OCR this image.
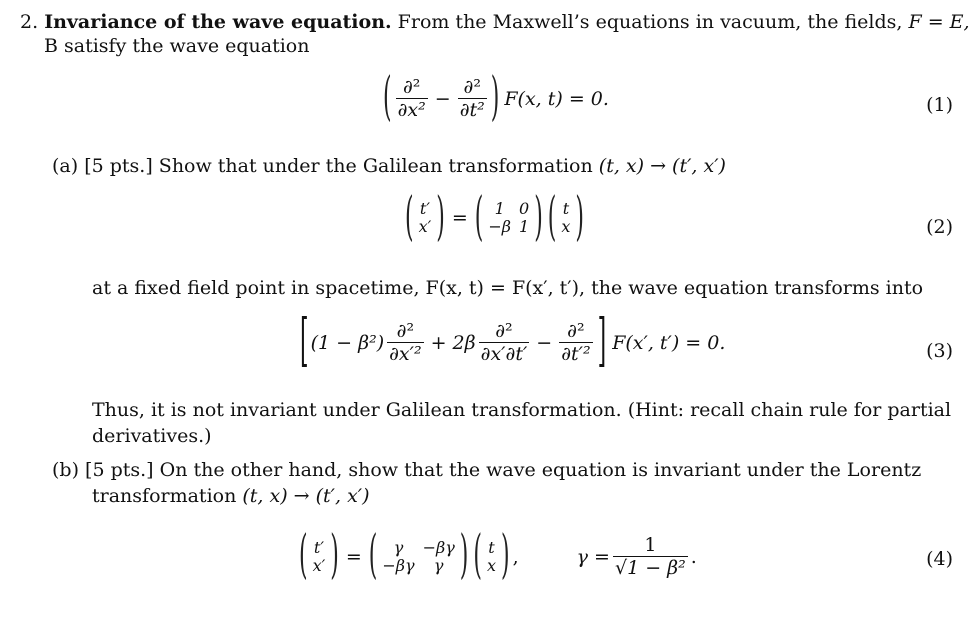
2. Invariance of the wave equation. From the Maxwell’s equations in vacuum, the fields, F = E,
B satisfy the wave equation
( $\frac{\text{∂²}}{\text{∂x²}} - \frac{\text{∂²}}{\text{∂t²}}$ ) F(x, t) = 0.	(1)
(a) [5 pts.] Show that under the Galilean transformation (t, x) → (t′, x′)
( t′
x′ ) = ( 1	0
−β	1 ) ( t
x )	(2)
at a fixed field point in spacetime, F(x, t) = F(x′, t′), the wave equation transforms into
[ $(1 - \beta^2) \frac{\text{∂²}}{\text{∂x′²}} + 2\beta \frac{\text{∂²}}{\partial x'\partial t'} - \frac{\text{∂²}}{\text{∂t′²}}$ ] F(x′, t′) = 0.	(3)
Thus, it is not invariant under Galilean transformation. (Hint: recall chain rule for partial
derivatives.)
(b) [5 pts.] On the other hand, show that the wave equation is invariant under the Lorentz
transformation (t, x) → (t′, x′)
( t′
x′ ) = ( γ	−βγ
−βγ	γ ) ( t
x ) ,	$\gamma = \frac{1}{\text{√1 − β²}}$ .	(4)
